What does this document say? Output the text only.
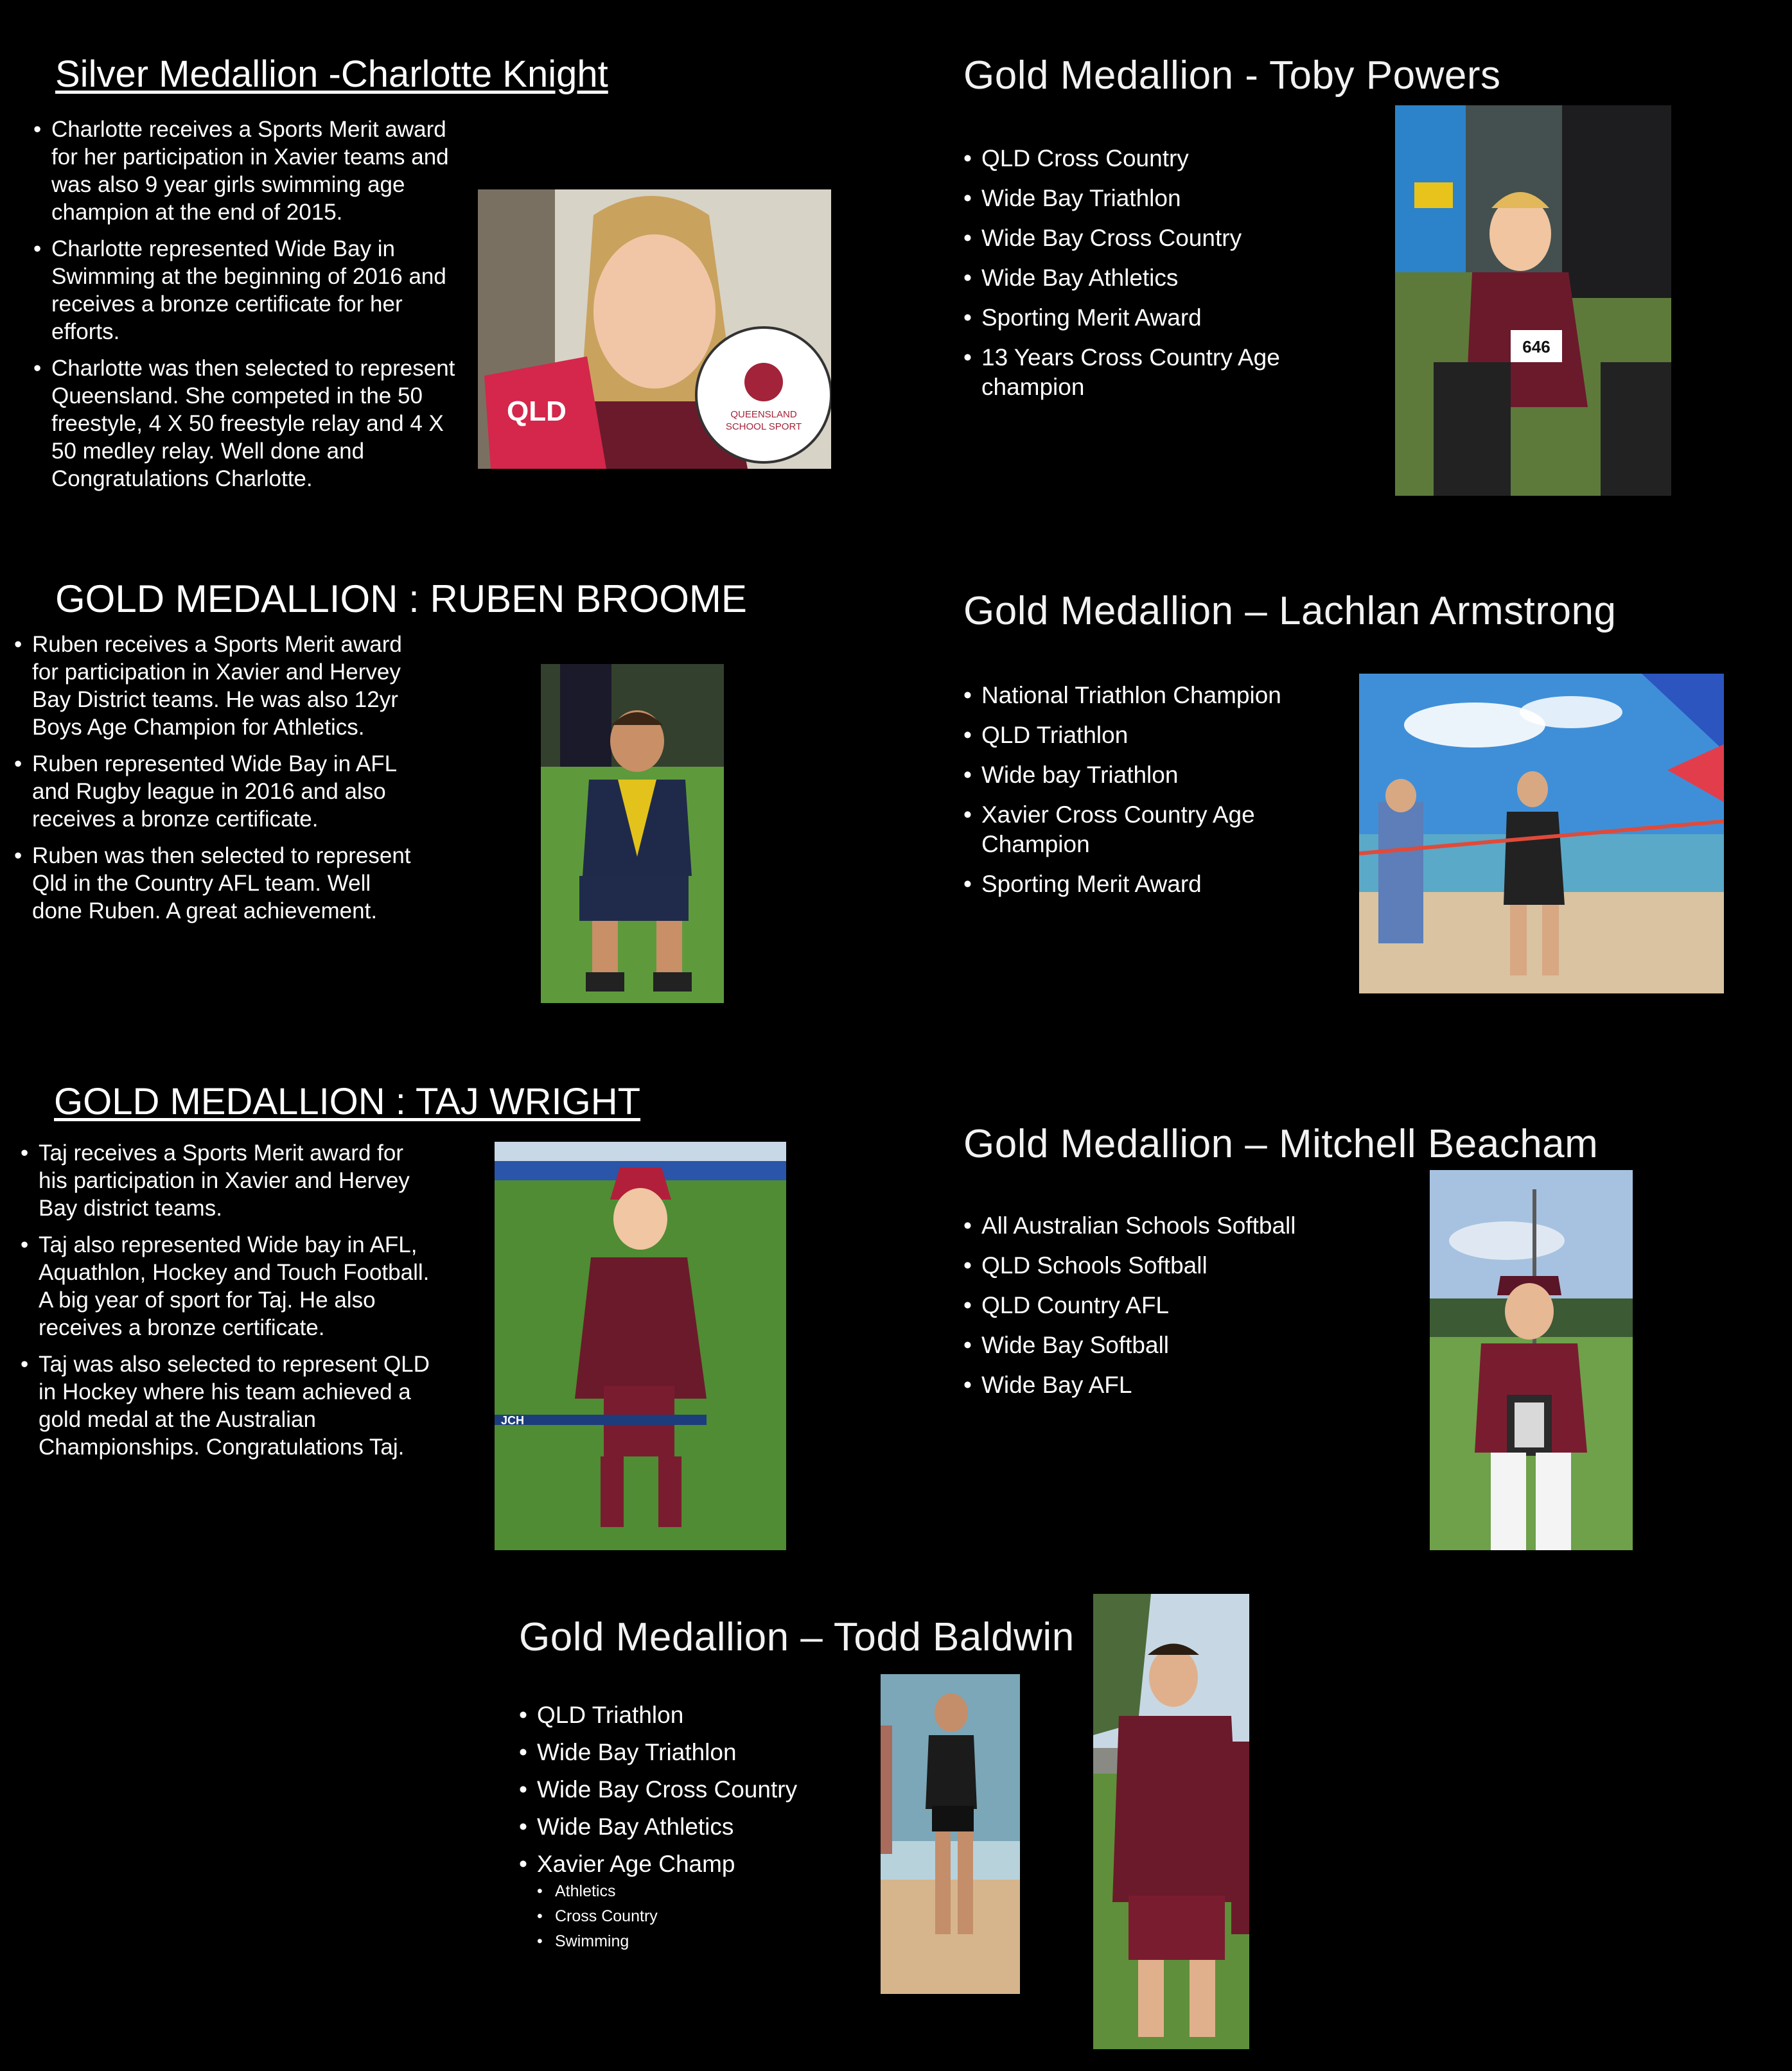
Silver Medallion -Charlotte Knight
• Charlotte receives a Sports Merit award for her participation in Xavier teams and was also 9 year girls swimming age champion at the end of 2015.
• Charlotte represented Wide Bay in Swimming at the beginning of 2016 and receives a bronze certificate for her efforts.
• Charlotte was then selected to represent Queensland. She competed in the 50 freestyle, 4 X 50 freestyle relay and 4 X 50 medley relay. Well done and Congratulations Charlotte.
QLD	QUEENSLAND
SCHOOL SPORT
Gold Medallion - Toby Powers
• QLD Cross Country
• Wide Bay Triathlon
• Wide Bay Cross Country
• Wide Bay Athletics
• Sporting Merit Award
• 13 Years Cross Country Age champion
646
GOLD MEDALLION : RUBEN BROOME
• Ruben receives a Sports Merit award for participation in Xavier and Hervey Bay District teams. He was also 12yr Boys Age Champion for Athletics.
• Ruben represented Wide Bay in AFL and Rugby league in 2016 and also receives a bronze certificate.
• Ruben was then selected to represent Qld in the Country AFL team. Well done Ruben. A great achievement.
Gold Medallion – Lachlan Armstrong
• National Triathlon Champion
• QLD Triathlon
• Wide bay Triathlon
• Xavier Cross Country Age Champion
• Sporting Merit Award
GOLD MEDALLION : TAJ WRIGHT
• Taj receives a Sports Merit award for his participation in Xavier and Hervey Bay district teams.
• Taj also represented Wide bay in AFL, Aquathlon, Hockey and Touch Football. A big year of sport for Taj. He also receives a bronze certificate.
• Taj was also selected to represent QLD in Hockey where his team achieved a gold medal at the Australian Championships. Congratulations Taj.
JCH
Gold Medallion – Mitchell Beacham
• All Australian Schools Softball
• QLD Schools Softball
• QLD Country AFL
• Wide Bay Softball
• Wide Bay AFL
Gold Medallion – Todd Baldwin
• QLD Triathlon
• Wide Bay Triathlon
• Wide Bay Cross Country
• Wide Bay Athletics
• Xavier Age Champ
• Athletics
• Cross Country
• Swimming
